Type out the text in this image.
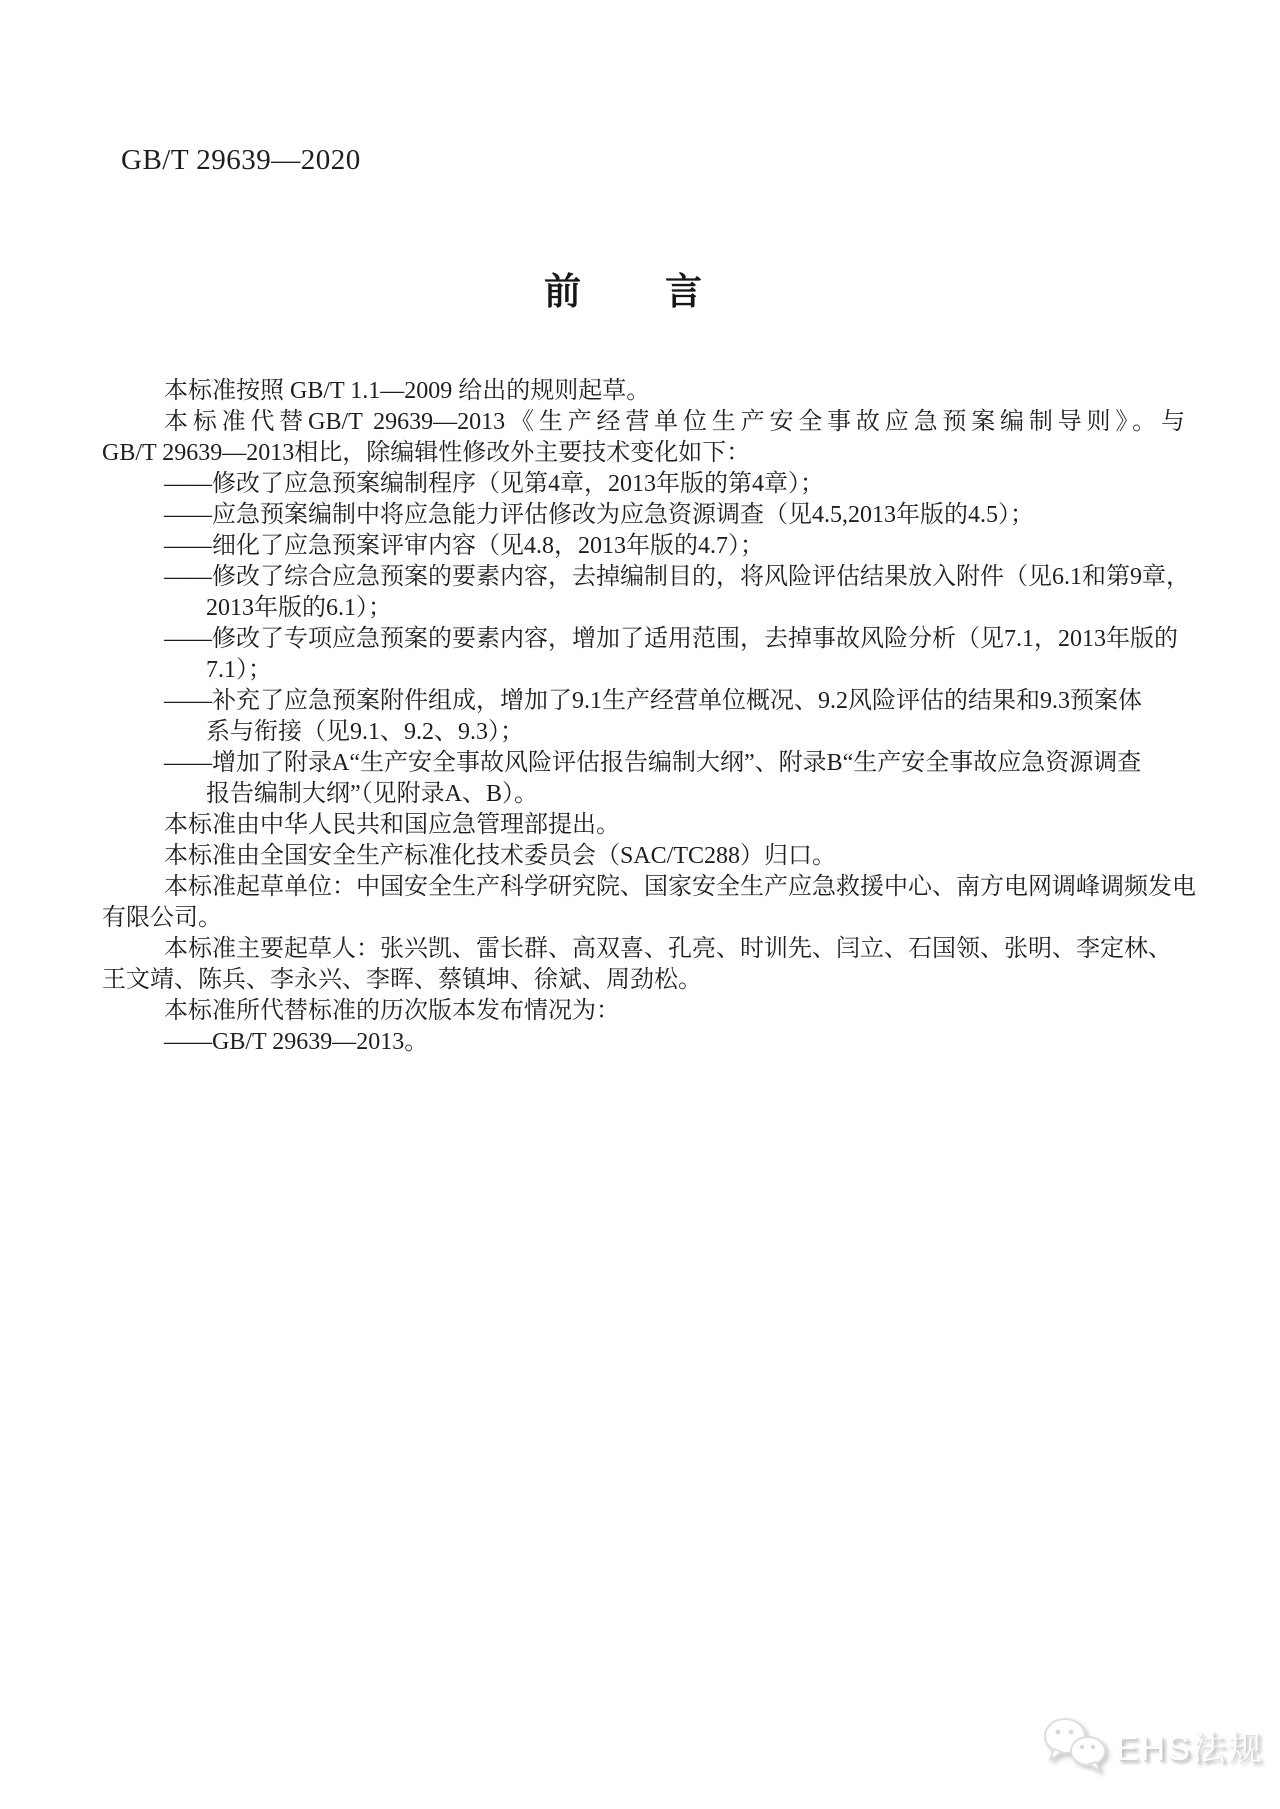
GB/T 29639—2020
前 言
本标准按照 GB/T 1.1—2009 给出的规则起草。
本标准代替GB/T 29639—2013《生产经营单位生产安全事故应急预案编制导则》。与
GB/T 29639—2013相比，除编辑性修改外主要技术变化如下：
——修改了应急预案编制程序（见第4章，2013年版的第4章）；
——应急预案编制中将应急能力评估修改为应急资源调查（见4.5,2013年版的4.5）；
——细化了应急预案评审内容（见4.8，2013年版的4.7）；
——修改了综合应急预案的要素内容，去掉编制目的，将风险评估结果放入附件（见6.1和第9章，
2013年版的6.1）；
——修改了专项应急预案的要素内容，增加了适用范围，去掉事故风险分析（见7.1，2013年版的
7.1）；
——补充了应急预案附件组成，增加了9.1生产经营单位概况、9.2风险评估的结果和9.3预案体
系与衔接（见9.1、9.2、9.3）；
——增加了附录A“生产安全事故风险评估报告编制大纲”、附录B“生产安全事故应急资源调查
报告编制大纲”（见附录A、B）。
本标准由中华人民共和国应急管理部提出。
本标准由全国安全生产标准化技术委员会（SAC/TC288）归口。
本标准起草单位：中国安全生产科学研究院、国家安全生产应急救援中心、南方电网调峰调频发电
有限公司。
本标准主要起草人：张兴凯、雷长群、高双喜、孔亮、时训先、闫立、石国领、张明、李定林、
王文靖、陈兵、李永兴、李晖、蔡镇坤、徐斌、周劲松。
本标准所代替标准的历次版本发布情况为：
——GB/T 29639—2013。
EHS法规
